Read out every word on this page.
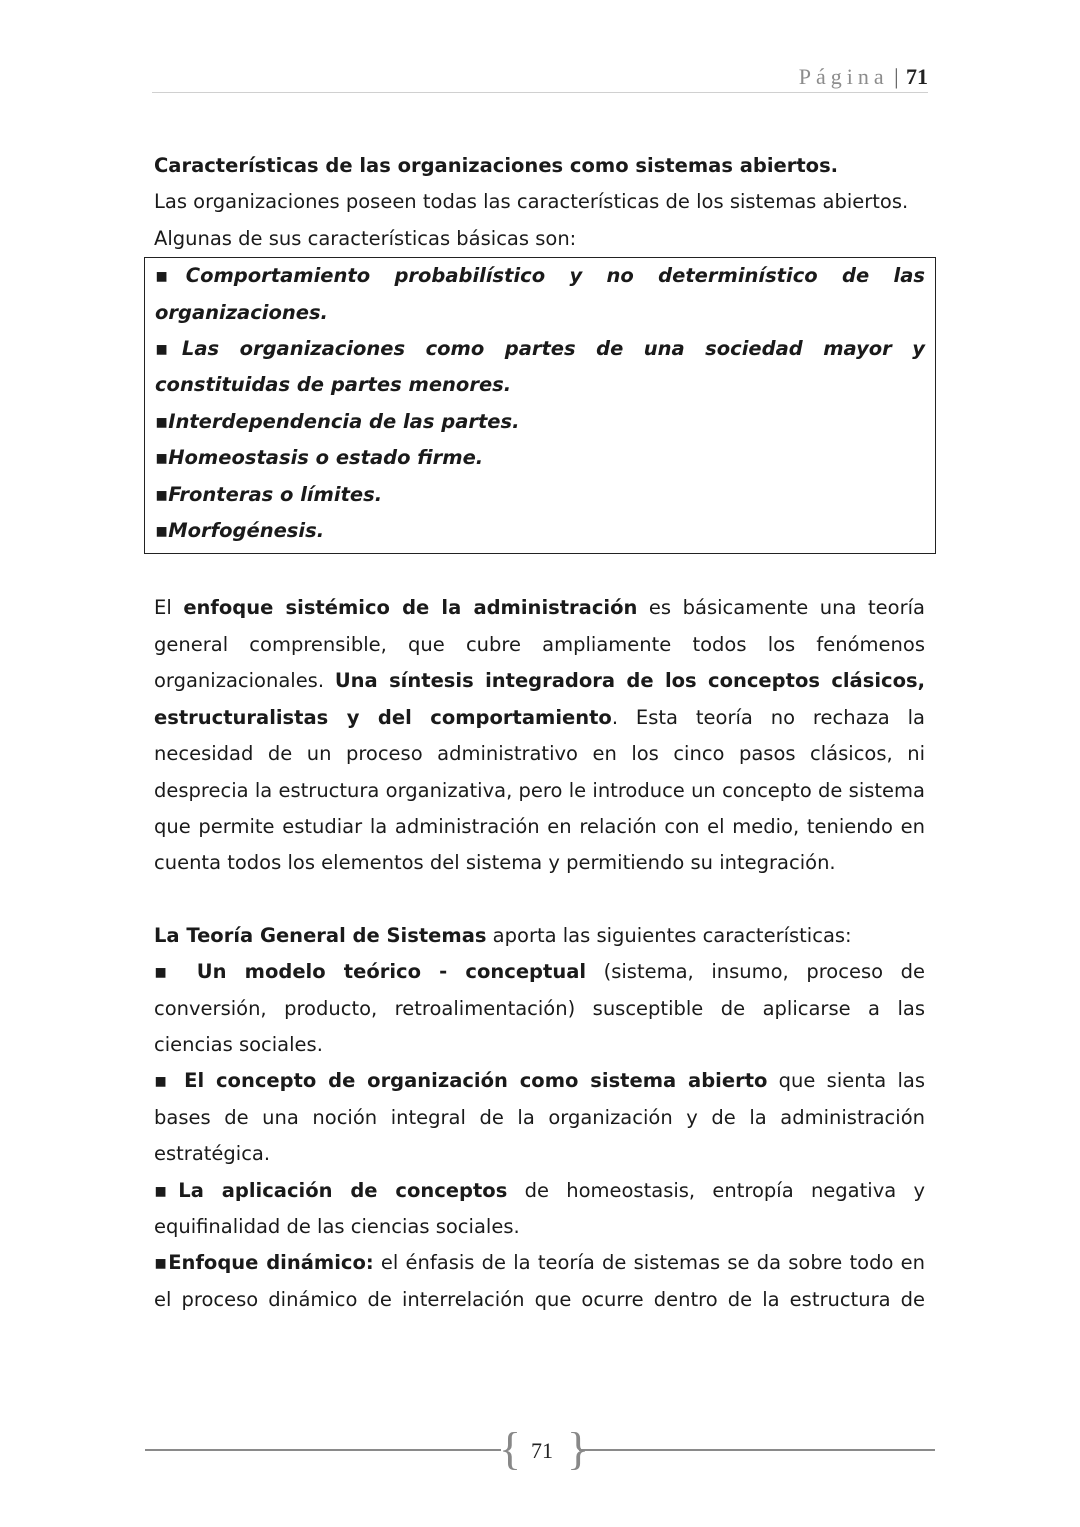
Página | 71

Características de las organizaciones como sistemas abiertos.

Las organizaciones poseen todas las características de los sistemas abiertos.

Algunas de sus características básicas son:

▪Comportamiento probabilístico y no determinístico de las organizaciones.

▪Las organizaciones como partes de una sociedad mayor y constituidas de partes menores.

▪Interdependencia de las partes.

▪Homeostasis o estado firme.

▪Fronteras o límites.

▪Morfogénesis.

El enfoque sistémico de la administración es básicamente una teoría general comprensible, que cubre ampliamente todos los fenómenos organizacionales. Una síntesis integradora de los conceptos clásicos, estructuralistas y del comportamiento. Esta teoría no rechaza la necesidad de un proceso administrativo en los cinco pasos clásicos, ni desprecia la estructura organizativa, pero le introduce un concepto de sistema que permite estudiar la administración en relación con el medio, teniendo en cuenta todos los elementos del sistema y permitiendo su integración.

La Teoría General de Sistemas aporta las siguientes características:

▪ Un modelo teórico - conceptual (sistema, insumo, proceso de conversión, producto, retroalimentación) susceptible de aplicarse a las ciencias sociales.

▪ El concepto de organización como sistema abierto que sienta las bases de una noción integral de la organización y de la administración estratégica.

▪La aplicación de conceptos de homeostasis, entropía negativa y equifinalidad de las ciencias sociales.

▪Enfoque dinámico: el énfasis de la teoría de sistemas se da sobre todo en el proceso dinámico de interrelación que ocurre dentro de la estructura de

{ }
71
